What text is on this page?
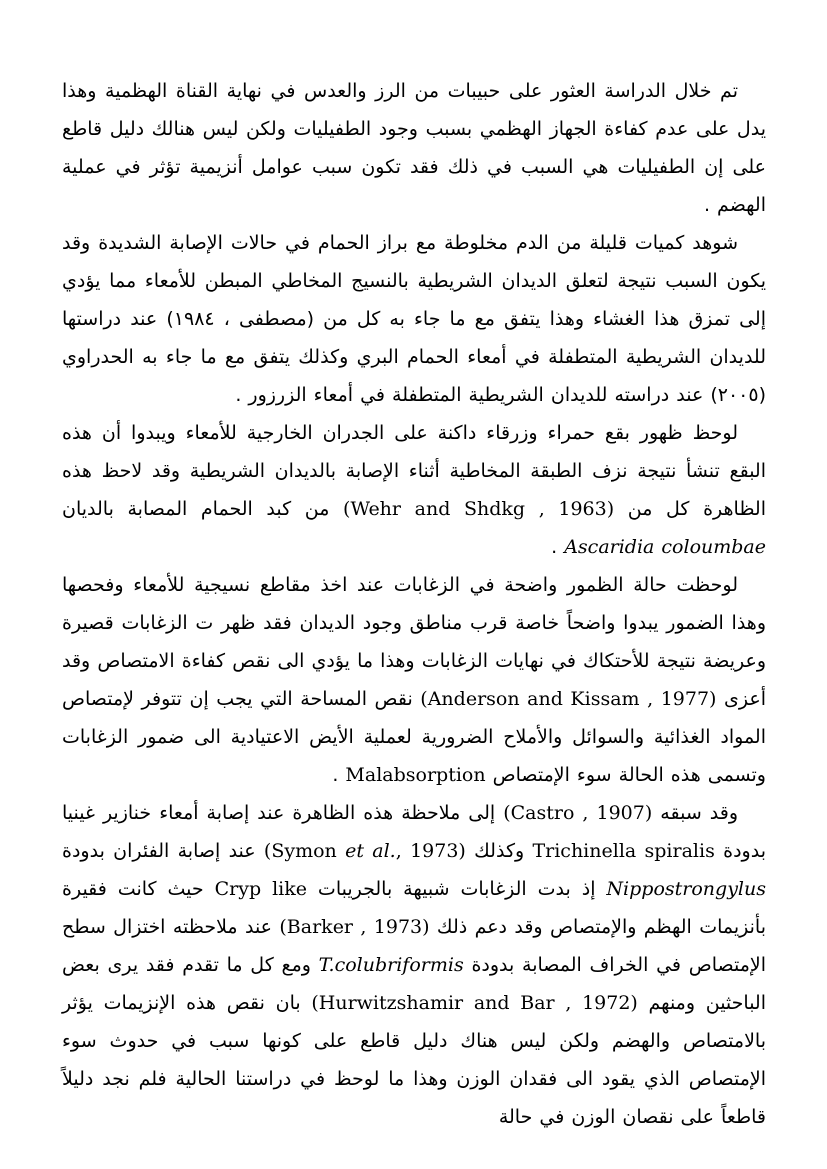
تم خلال الدراسة العثور على حبيبات من الرز والعدس في نهاية القناة الهظمية وهذا يدل على عدم كفاءة الجهاز الهظمي بسبب وجود الطفيليات ولكن ليس هنالك دليل قاطع على إن الطفيليات هي السبب في ذلك فقد تكون سبب عوامل أنزيمية تؤثر في عملية الهضم .

شوهد كميات قليلة من الدم مخلوطة مع براز الحمام في حالات الإصابة الشديدة وقد يكون السبب نتيجة لتعلق الديدان الشريطية بالنسيج المخاطي المبطن للأمعاء مما يؤدي إلى تمزق هذا الغشاء وهذا يتفق مع ما جاء به كل من (مصطفى ، ١٩٨٤) عند دراستها للديدان الشريطية المتطفلة في أمعاء الحمام البري وكذلك يتفق مع ما جاء به الحدراوي (٢٠٠٥) عند دراسته للديدان الشريطية المتطفلة في أمعاء الزرزور .

لوحظ ظهور بقع حمراء وزرقاء داكنة على الجدران الخارجية للأمعاء ويبدوا أن هذه البقع تنشأ نتيجة نزف الطبقة المخاطية أثناء الإصابة بالديدان الشريطية وقد لاحظ هذه الظاهرة كل من (Wehr and Shdkg , 1963) من كبد الحمام المصابة بالديان Ascaridia coloumbae .

لوحظت حالة الظمور واضحة في الزغابات عند اخذ مقاطع نسيجية للأمعاء وفحصها وهذا الضمور يبدوا واضحاً خاصة قرب مناطق وجود الديدان فقد ظهر ت الزغابات قصيرة وعريضة نتيجة للأحتكاك في نهايات الزغابات وهذا ما يؤدي الى نقص كفاءة الامتصاص وقد أعزى (Anderson and Kissam , 1977) نقص المساحة التي يجب إن تتوفر لإمتصاص المواد الغذائية والسوائل والأملاح الضرورية لعملية الأيض الاعتيادية الى ضمور الزغابات وتسمى هذه الحالة سوء الإمتصاص Malabsorption .

وقد سبقه (Castro , 1907) إلى ملاحظة هذه الظاهرة عند إصابة أمعاء خنازير غينيا بدودة Trichinella spiralis وكذلك (Symon et al., 1973) عند إصابة الفئران بدودة Nippostrongylus إذ بدت الزغابات شبيهة بالجريبات Cryp like حيث كانت فقيرة بأنزيمات الهظم والإمتصاص وقد دعم ذلك (Barker , 1973) عند ملاحظته اختزال سطح الإمتصاص في الخراف المصابة بدودة T.colubriformis ومع كل ما تقدم فقد يرى بعض الباحثين ومنهم (Hurwitzshamir and Bar , 1972) بان نقص هذه الإنزيمات يؤثر بالامتصاص والهضم ولكن ليس هناك دليل قاطع على كونها سبب في حدوث سوء الإمتصاص الذي يقود الى فقدان الوزن وهذا ما لوحظ في دراستنا الحالية فلم نجد دليلاً قاطعاً على نقصان الوزن في حالة
